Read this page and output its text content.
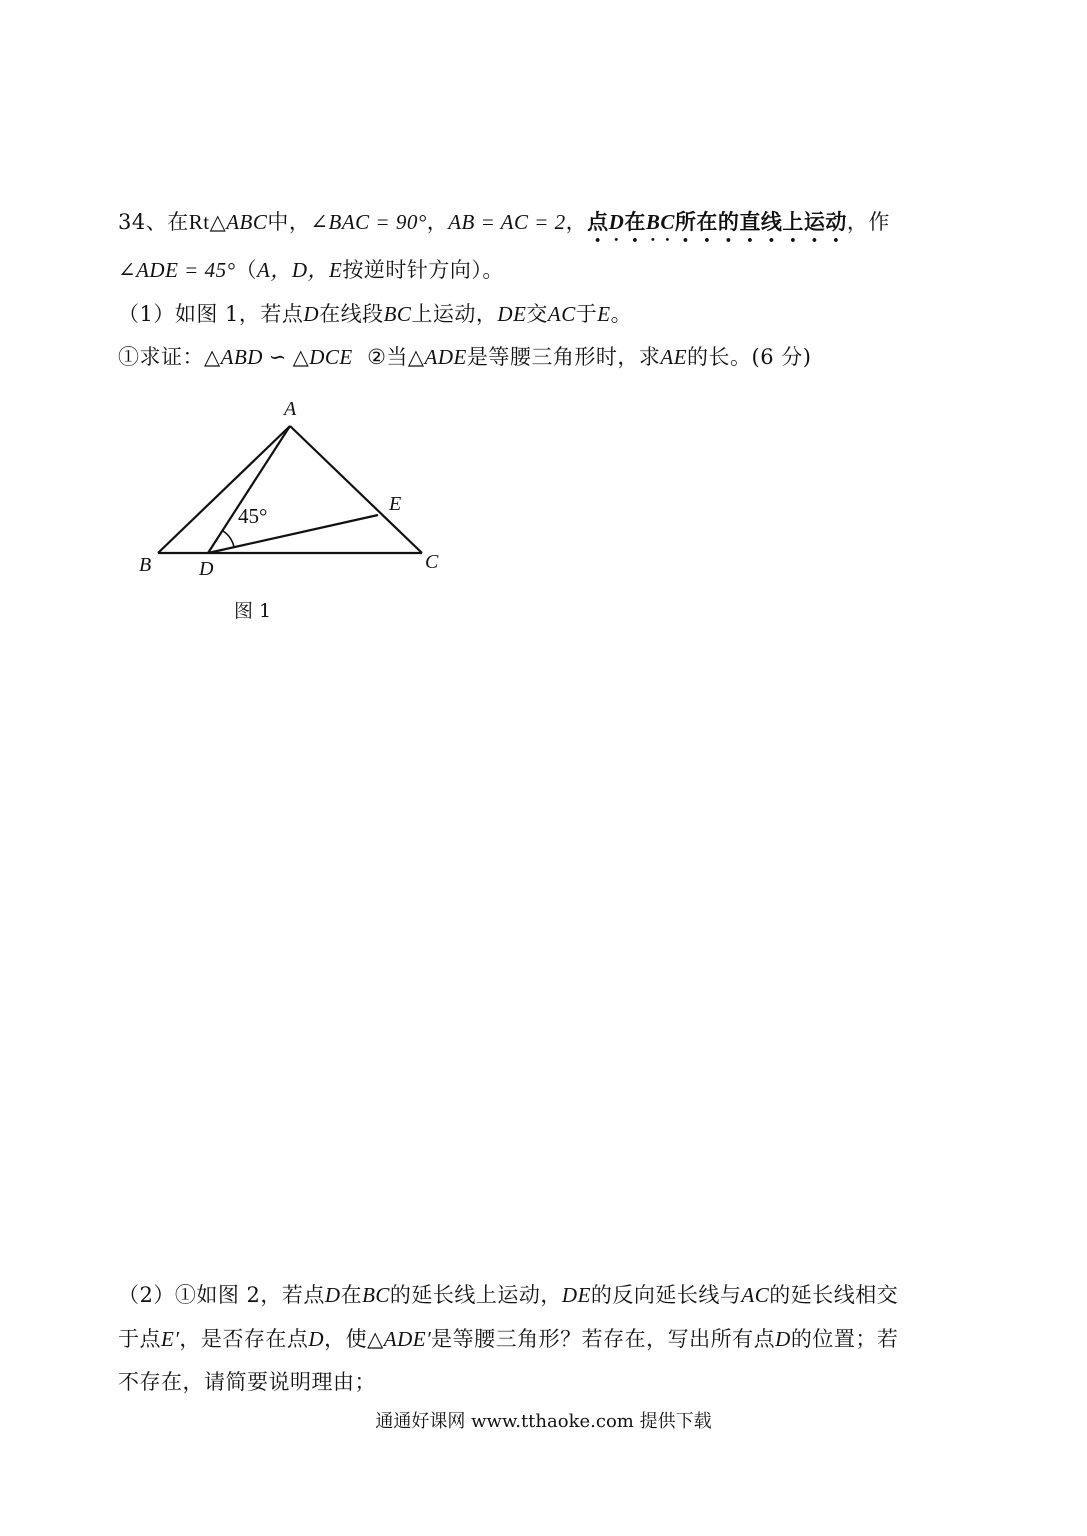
34、在Rt△ABC中，∠BAC = 90°，AB = AC = 2，点D在BC所在的直线上运动，作
∠ADE = 45°（A，D，E按逆时针方向）。
（1）如图 1，若点D在线段BC上运动，DE交AC于E。
①求证：△ABD ∽ △DCE ②当△ADE是等腰三角形时，求AE的长。(6 分)
A
B	C
D
E
45°
图 1
（2）①如图 2，若点D在BC的延长线上运动，DE的反向延长线与AC的延长线相交
于点E′，是否存在点D，使△ADE′是等腰三角形？若存在，写出所有点D的位置；若
不存在，请简要说明理由；
通通好课网 www.tthaoke.com 提供下载
